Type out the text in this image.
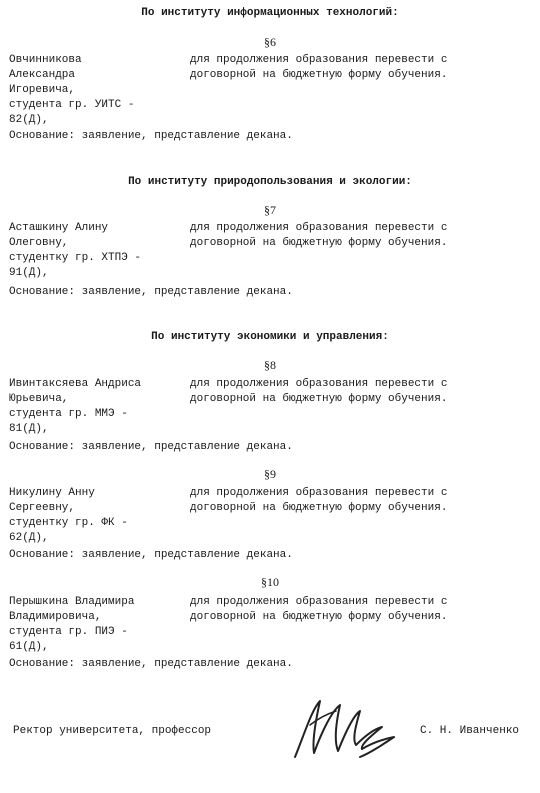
По институту информационных технологий:
§6
Овчинникова
Александра
Игоревича,
студента гр. УИТС -
82(Д),
для продолжения образования перевести с
договорной на бюджетную форму обучения.
Основание: заявление, представление декана.
По институту природопользования и экологии:
§7
Асташкину Алину
Олеговну,
студентку гр. ХТПЭ -
91(Д),
для продолжения образования перевести с
договорной на бюджетную форму обучения.
Основание: заявление, представление декана.
По институту экономики и управления:
§8
Ивинтаксяева Андриса
Юрьевича,
студента гр. ММЭ -
81(Д),
для продолжения образования перевести с
договорной на бюджетную форму обучения.
Основание: заявление, представление декана.
§9
Никулину Анну
Сергеевну,
студентку гр. ФК -
62(Д),
для продолжения образования перевести с
договорной на бюджетную форму обучения.
Основание: заявление, представление декана.
§10
Перышкина Владимира
Владимировича,
студента гр. ПИЭ -
61(Д),
для продолжения образования перевести с
договорной на бюджетную форму обучения.
Основание: заявление, представление декана.
Ректор университета, профессор	С. Н. Иванченко
